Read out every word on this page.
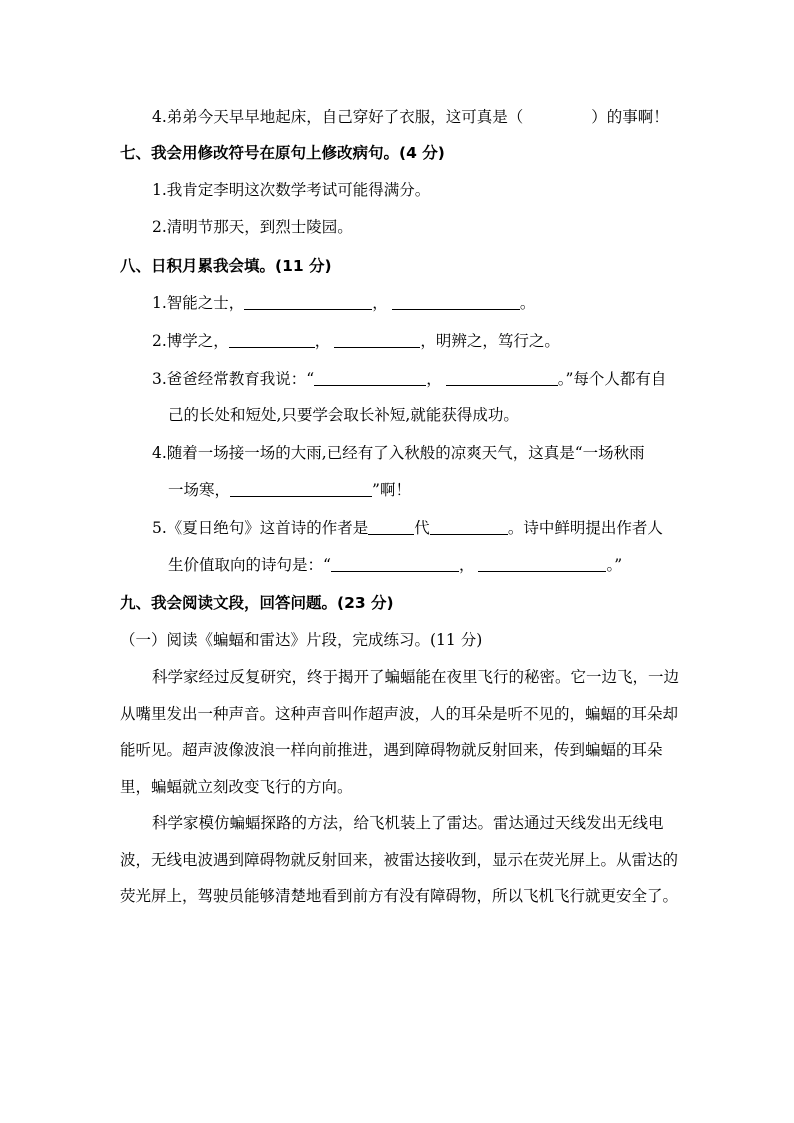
4.弟弟今天早早地起床，自己穿好了衣服，这可真是（	）的事啊！
七、我会用修改符号在原句上修改病句。(4 分)
1.我肯定李明这次数学考试可能得满分。
2.清明节那天，到烈士陵园。
八、日积月累我会填。(11 分)
1.智能之士，	，	。
2.博学之，	，	，明辨之，笃行之。
3.爸爸经常教育我说：“	，	。”每个人都有自
己的长处和短处,只要学会取长补短,就能获得成功。
4.随着一场接一场的大雨,已经有了入秋般的凉爽天气，这真是“一场秋雨
一场寒，	”啊！
5.《夏日绝句》这首诗的作者是	代	。诗中鲜明提出作者人
生价值取向的诗句是：“	，	。”
九、我会阅读文段，回答问题。(23 分)
（一）阅读《蝙蝠和雷达》片段，完成练习。(11 分)
科学家经过反复研究，终于揭开了蝙蝠能在夜里飞行的秘密。它一边飞，一边从嘴里发出一种声音。这种声音叫作超声波，人的耳朵是听不见的，蝙蝠的耳朵却能听见。超声波像波浪一样向前推进，遇到障碍物就反射回来，传到蝙蝠的耳朵里，蝙蝠就立刻改变飞行的方向。
科学家模仿蝙蝠探路的方法，给飞机装上了雷达。雷达通过天线发出无线电波，无线电波遇到障碍物就反射回来，被雷达接收到，显示在荧光屏上。从雷达的荧光屏上，驾驶员能够清楚地看到前方有没有障碍物，所以飞机飞行就更安全了。
